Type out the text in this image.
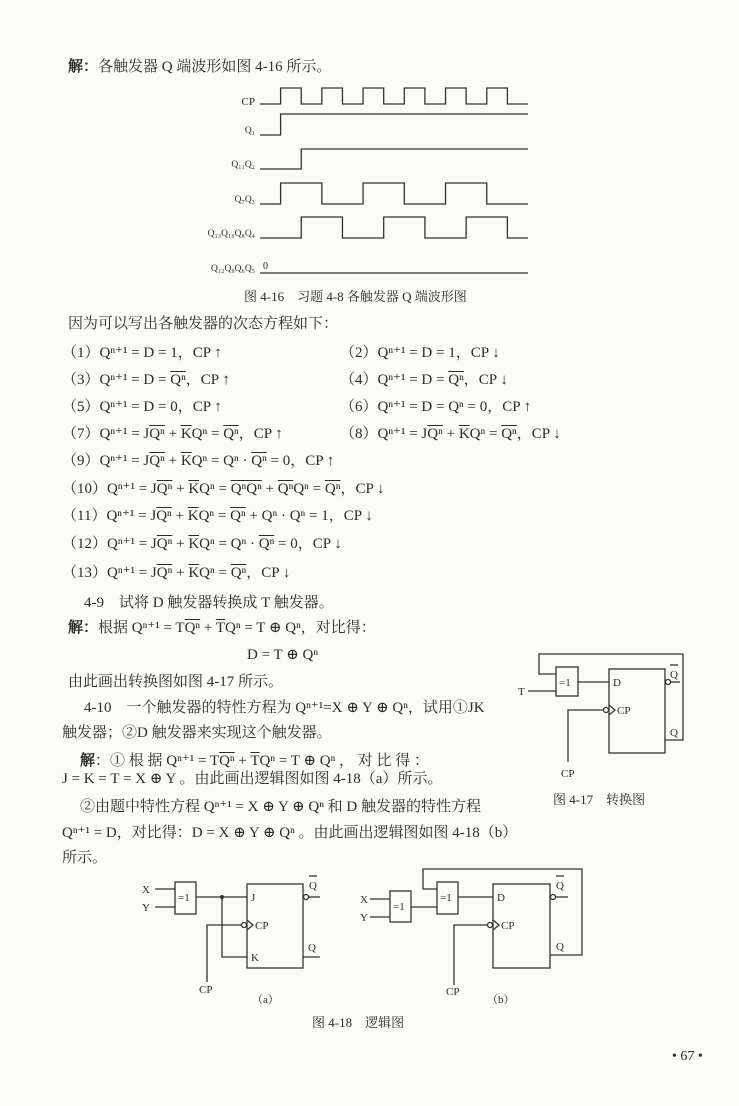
解：各触发器 Q 端波形如图 4-16 所示。
CP
Q₁
Q₁₁Q₂
Q₇Q₃
Q₁₃Q₁₀Q₈Q₄
Q₁₂Q₉Q₆Q₅ 0
图 4-16　习题 4-8 各触发器 Q 端波形图
因为可以写出各触发器的次态方程如下：
（1）Qⁿ⁺¹ = D = 1，CP ↑	（2）Qⁿ⁺¹ = D = 1，CP ↓
$(3)Q^{n+1} = D = \overline{Q^n}$，CP ↑	$(4)Q^{n+1} = D = \overline{Q^n}$，CP ↓
（5）Qⁿ⁺¹ = D = 0，CP ↑	（6）Qⁿ⁺¹ = D = Qⁿ = 0，CP ↑
$(7)Q^{n+1} = J\overline{Q^n} + \overline{K}Q^n = \overline{Q^n}$，CP ↑	$(8)Q^{n+1} = J\overline{Q^n} + \overline{K}Q^n = \overline{Q^n}$，CP ↓
$(9)Q^{n+1} = J\overline{Q^n} + \overline{K}Q^n = Q^n \cdot \overline{Q^n} = 0$，CP ↑
$(10)Q^{n+1} = J\overline{Q^n} + \overline{K}Q^n = Q^nQ^n + \overline{Q^n}Q^n = \overline{Q^n}$，CP ↓
$(11)Q^{n+1} = J\overline{Q^n} + \overline{K}Q^n = \overline{Q^n} + Q^n \cdot Q^n = 1$，CP ↓
$(12)Q^{n+1} = J\overline{Q^n} + \overline{K}Q^n = Q^n \cdot \overline{Q^n} = 0$，CP ↓
$(13)Q^{n+1} = J\overline{Q^n} + \overline{K}Q^n = \overline{Q^n}$，CP ↓
4-9　试将 D 触发器转换成 T 触发器。
解：根据 $Q^{n+1} = T\overline{Q^n} + \overline{T}Q^n = T$ ⊕ Qⁿ，对比得：
D = T ⊕ Qⁿ
由此画出转换图如图 4-17 所示。
4-10　一个触发器的特性方程为 Qⁿ⁺¹=X ⊕ Y ⊕ Qⁿ，试用①JK
触发器；②D 触发器来实现这个触发器。
解：① 根 据 $Q^{n+1} = T\overline{Q^n} + \overline{T}Q^n = T$ ⊕ Qⁿ ， 对 比 得 ：
J = K = T = X ⊕ Y 。由此画出逻辑图如图 4-18（a）所示。
②由题中特性方程 Qⁿ⁺¹ = X ⊕ Y ⊕ Qⁿ 和 D 触发器的特性方程
Qⁿ⁺¹ = D，对比得：D = X ⊕ Y ⊕ Qⁿ 。由此画出逻辑图如图 4-18（b）
所示。
=1
T
D
CP
CP
Q
Q
图 4-17　转换图
X
Y
=1	J
K
CP
CP
Q
Q
（a）
X
Y
=1
=1	D
CP
CP
Q
Q
（b）
图 4-18　逻辑图
• 67 •
